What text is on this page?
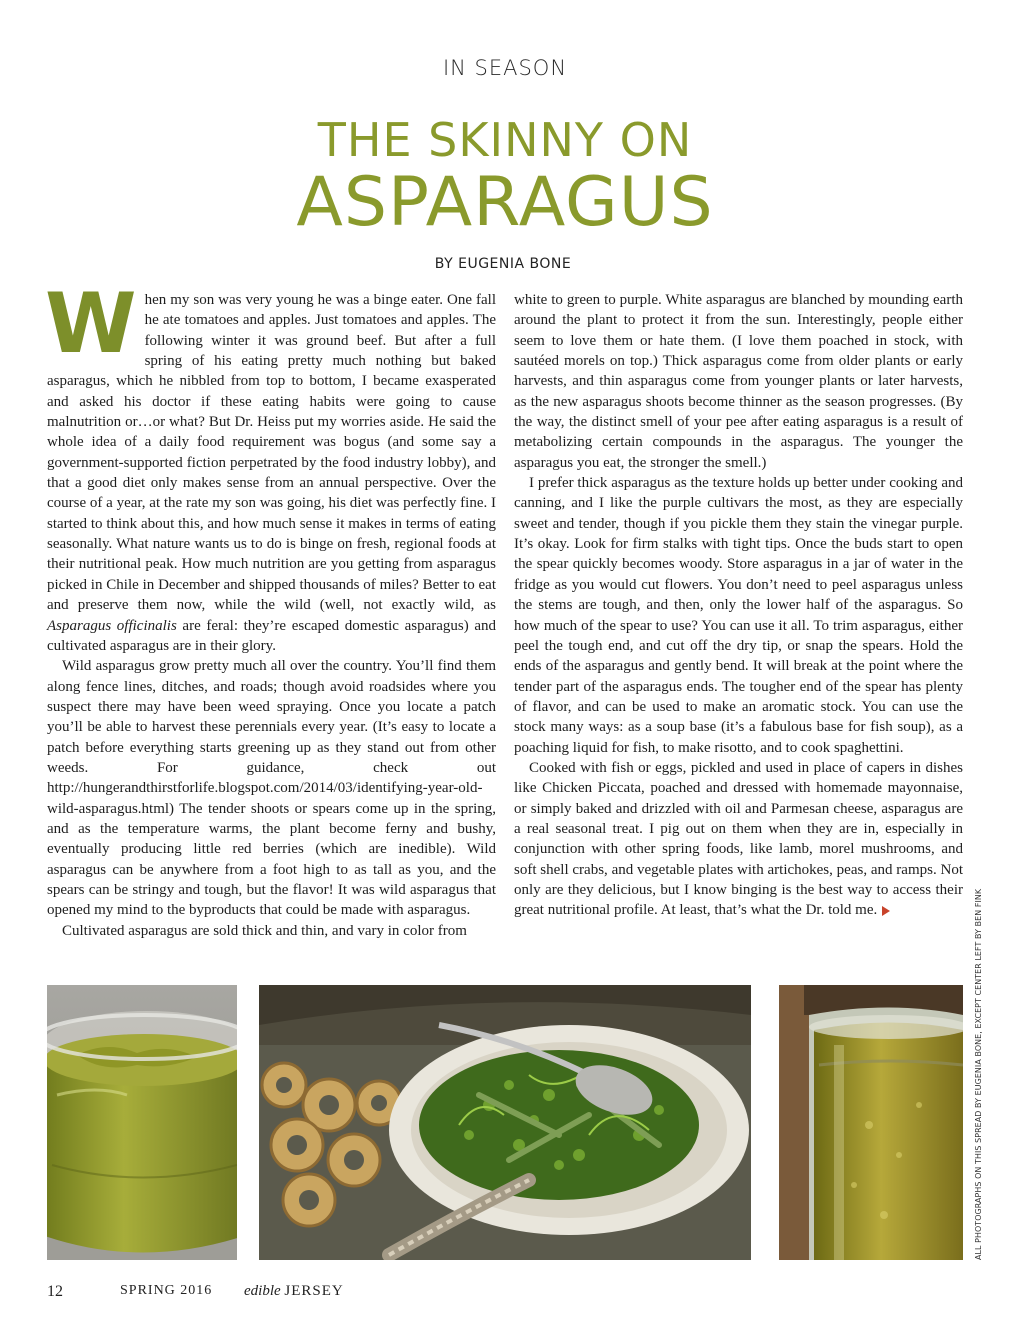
IN SEASON
THE SKINNY ON
ASPARAGUS
BY EUGENIA BONE

When my son was very young he was a binge eater. One fall he ate tomatoes and apples. Just tomatoes and apples. The following winter it was ground beef. But after a full spring of his eating pretty much nothing but baked asparagus, which he nibbled from top to bottom, I became exasperated and asked his doctor if these eating habits were going to cause malnutrition or…or what? But Dr. Heiss put my worries aside. He said the whole idea of a daily food requirement was bogus (and some say a government-supported fiction perpetrated by the food industry lobby), and that a good diet only makes sense from an annual perspective. Over the course of a year, at the rate my son was going, his diet was perfectly fine. I started to think about this, and how much sense it makes in terms of eating seasonally. What nature wants us to do is binge on fresh, regional foods at their nutritional peak. How much nutrition are you getting from asparagus picked in Chile in December and shipped thousands of miles? Better to eat and preserve them now, while the wild (well, not exactly wild, as Asparagus officinalis are feral: they’re escaped domestic asparagus) and cultivated asparagus are in their glory.

Wild asparagus grow pretty much all over the country. You’ll find them along fence lines, ditches, and roads; though avoid roadsides where you suspect there may have been weed spraying. Once you locate a patch you’ll be able to harvest these perennials every year. (It’s easy to locate a patch before everything starts greening up as they stand out from other weeds. For guidance, check out http://hungerandthirstforlife.blogspot.com/2014/03/identifying-year-old-wild-asparagus.html) The tender shoots or spears come up in the spring, and as the temperature warms, the plant become ferny and bushy, eventually producing little red berries (which are inedible). Wild asparagus can be anywhere from a foot high to as tall as you, and the spears can be stringy and tough, but the flavor! It was wild asparagus that opened my mind to the byproducts that could be made with asparagus.

Cultivated asparagus are sold thick and thin, and vary in color from

white to green to purple. White asparagus are blanched by mounding earth around the plant to protect it from the sun. Interestingly, people either seem to love them or hate them. (I love them poached in stock, with sautéed morels on top.) Thick asparagus come from older plants or early harvests, and thin asparagus come from younger plants or later harvests, as the new asparagus shoots become thinner as the season progresses. (By the way, the distinct smell of your pee after eating asparagus is a result of metabolizing certain compounds in the asparagus. The younger the asparagus you eat, the stronger the smell.)

I prefer thick asparagus as the texture holds up better under cooking and canning, and I like the purple cultivars the most, as they are especially sweet and tender, though if you pickle them they stain the vinegar purple. It’s okay. Look for firm stalks with tight tips. Once the buds start to open the spear quickly becomes woody. Store asparagus in a jar of water in the fridge as you would cut flowers. You don’t need to peel asparagus unless the stems are tough, and then, only the lower half of the asparagus. So how much of the spear to use? You can use it all. To trim asparagus, either peel the tough end, and cut off the dry tip, or snap the spears. Hold the ends of the asparagus and gently bend. It will break at the point where the tender part of the asparagus ends. The tougher end of the spear has plenty of flavor, and can be used to make an aromatic stock. You can use the stock many ways: as a soup base (it’s a fabulous base for fish soup), as a poaching liquid for fish, to make risotto, and to cook spaghettini.

Cooked with fish or eggs, pickled and used in place of capers in dishes like Chicken Piccata, poached and dressed with homemade mayonnaise, or simply baked and drizzled with oil and Parmesan cheese, asparagus are a real seasonal treat. I pig out on them when they are in, especially in conjunction with other spring foods, like lamb, morel mushrooms, and soft shell crabs, and vegetable plates with artichokes, peas, and ramps. Not only are they delicious, but I know binging is the best way to access their great nutritional profile. At least, that’s what the Dr. told me.	ALL PHOTOGRAPHS ON THIS SPREAD BY EUGENIA BONE, EXCEPT CENTER LEFT BY BEN FINK
12	SPRING 2016 edible JERSEY
